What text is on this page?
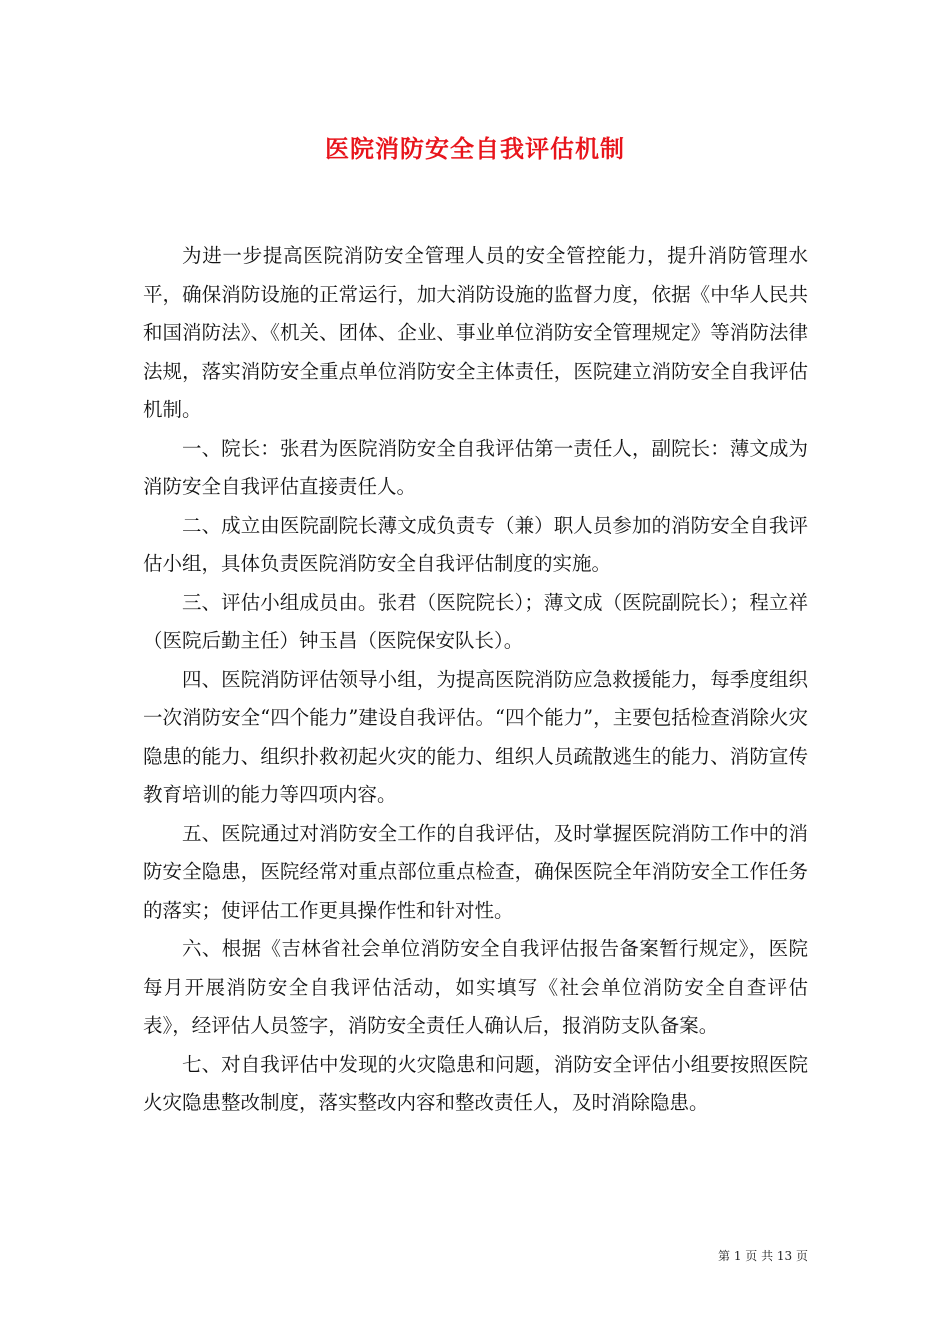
医院消防安全自我评估机制

为进一步提高医院消防安全管理人员的安全管控能力，提升消防管理水平，确保消防设施的正常运行，加大消防设施的监督力度，依据《中华人民共和国消防法》、《机关、团体、企业、事业单位消防安全管理规定》等消防法律法规，落实消防安全重点单位消防安全主体责任，医院建立消防安全自我评估机制。

一、院长：张君为医院消防安全自我评估第一责任人，副院长：薄文成为消防安全自我评估直接责任人。

二、成立由医院副院长薄文成负责专（兼）职人员参加的消防安全自我评估小组，具体负责医院消防安全自我评估制度的实施。

三、评估小组成员由。张君（医院院长）；薄文成（医院副院长）；程立祥（医院后勤主任）钟玉昌（医院保安队长）。

四、医院消防评估领导小组，为提高医院消防应急救援能力，每季度组织一次消防安全“四个能力”建设自我评估。“四个能力”，主要包括检查消除火灾隐患的能力、组织扑救初起火灾的能力、组织人员疏散逃生的能力、消防宣传教育培训的能力等四项内容。

五、医院通过对消防安全工作的自我评估，及时掌握医院消防工作中的消防安全隐患，医院经常对重点部位重点检查，确保医院全年消防安全工作任务的落实；使评估工作更具操作性和针对性。

六、根据《吉林省社会单位消防安全自我评估报告备案暂行规定》，医院每月开展消防安全自我评估活动，如实填写《社会单位消防安全自查评估表》，经评估人员签字，消防安全责任人确认后，报消防支队备案。

七、对自我评估中发现的火灾隐患和问题，消防安全评估小组要按照医院火灾隐患整改制度，落实整改内容和整改责任人，及时消除隐患。

第 1 页 共 13 页
